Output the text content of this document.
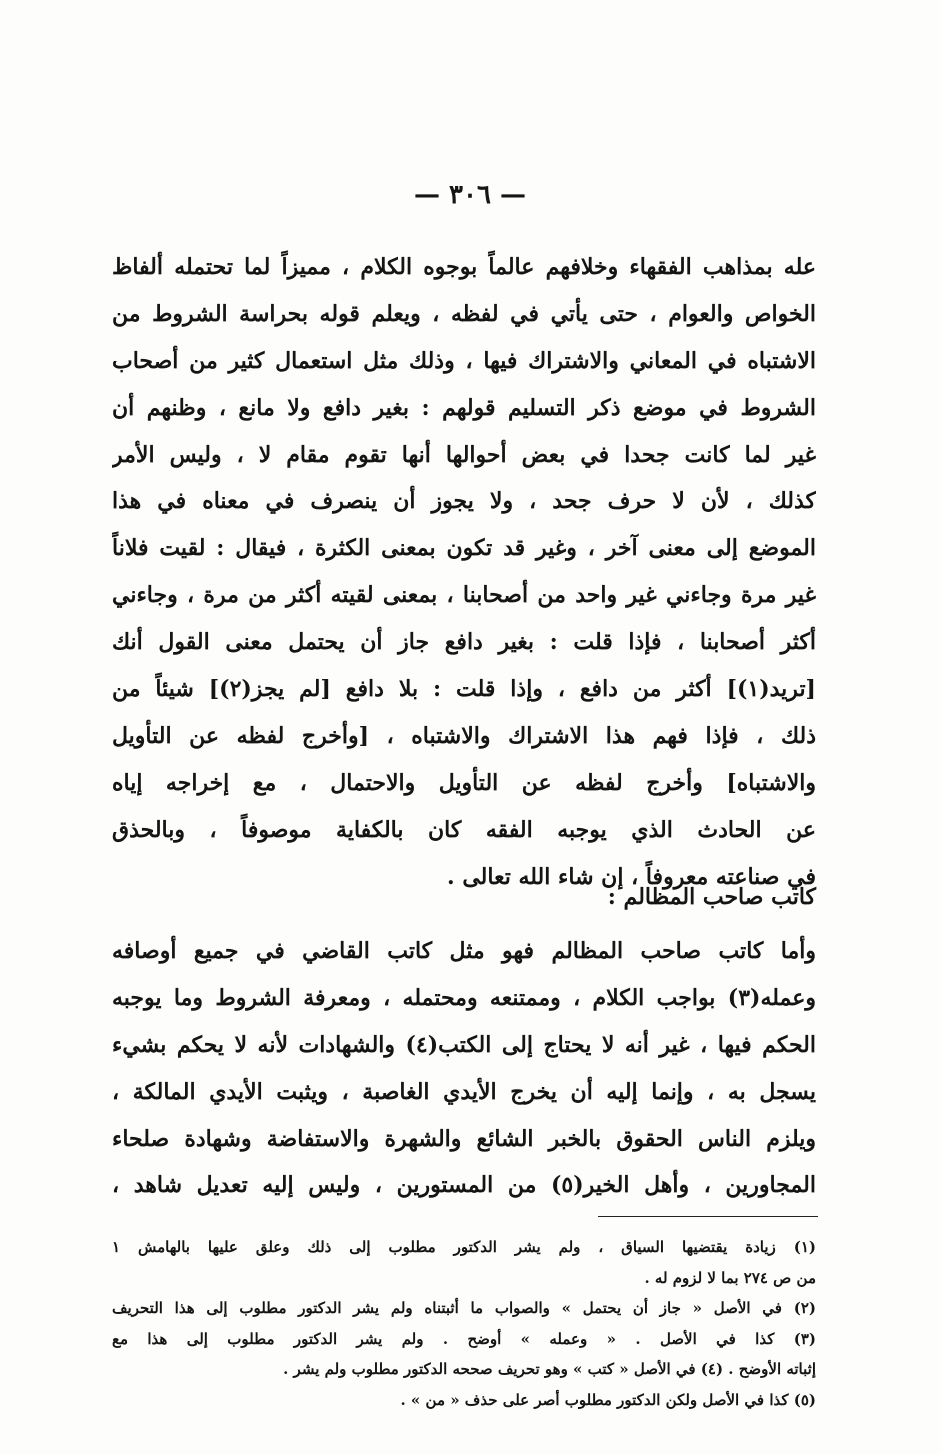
— ٣٠٦ —
عله بمذاهب الفقهاء وخلافهم عالماً بوجوه الكلام ، مميزاً لما تحتمله ألفاظ
الخواص والعوام ، حتى يأتي في لفظه ، ويعلم قوله بحراسة الشروط من
الاشتباه في المعاني والاشتراك فيها ، وذلك مثل استعمال كثير من أصحاب
الشروط في موضع ذكر التسليم قولهم : بغير دافع ولا مانع ، وظنهم أن
غير لما كانت جحدا في بعض أحوالها أنها تقوم مقام لا ، وليس الأمر
كذلك ، لأن لا حرف جحد ، ولا يجوز أن ينصرف في معناه في هذا
الموضع إلى معنى آخر ، وغير قد تكون بمعنى الكثرة ، فيقال : لقيت فلاناً
غير مرة وجاءني غير واحد من أصحابنا ، بمعنى لقيته أكثر من مرة ، وجاءني
أكثر أصحابنا ، فإذا قلت : بغير دافع جاز أن يحتمل معنى القول أنك
[تريد(١)] أكثر من دافع ، وإذا قلت : بلا دافع [لم يجز(٢)] شيئاً من
ذلك ، فإذا فهم هذا الاشتراك والاشتباه ، [وأخرج لفظه عن التأويل
والاشتباه] وأخرج لفظه عن التأويل والاحتمال ، مع إخراجه إياه
عن الحادث الذي يوجبه الفقه كان بالكفاية موصوفاً ، وبالحذق
في صناعته معروفاً ، إن شاء الله تعالى .
كاتب صاحب المظالم :
وأما كاتب صاحب المظالم فهو مثل كاتب القاضي في جميع أوصافه
وعمله(٣) بواجب الكلام ، وممتنعه ومحتمله ، ومعرفة الشروط وما يوجبه
الحكم فيها ، غير أنه لا يحتاج إلى الكتب(٤) والشهادات لأنه لا يحكم بشيء
يسجل به ، وإنما إليه أن يخرج الأيدي الغاصبة ، ويثبت الأيدي المالكة ،
ويلزم الناس الحقوق بالخبر الشائع والشهرة والاستفاضة وشهادة صلحاء
المجاورين ، وأهل الخير(٥) من المستورين ، وليس إليه تعديل شاهد ،
(١) زيادة يقتضيها السياق ، ولم يشر الدكتور مطلوب إلى ذلك وعلق عليها بالهامش ١
من ص ٢٧٤ بما لا لزوم له .
(٢) في الأصل « جاز أن يحتمل » والصواب ما أثبتناه ولم يشر الدكتور مطلوب إلى هذا التحريف
(٣) كذا في الأصل . « وعمله » أوضح . ولم يشر الدكتور مطلوب إلى هذا مع
إثباته الأوضح . (٤) في الأصل « كتب » وهو تحريف صححه الدكتور مطلوب ولم يشر .
(٥) كذا في الأصل ولكن الدكتور مطلوب أصر على حذف « من » .
